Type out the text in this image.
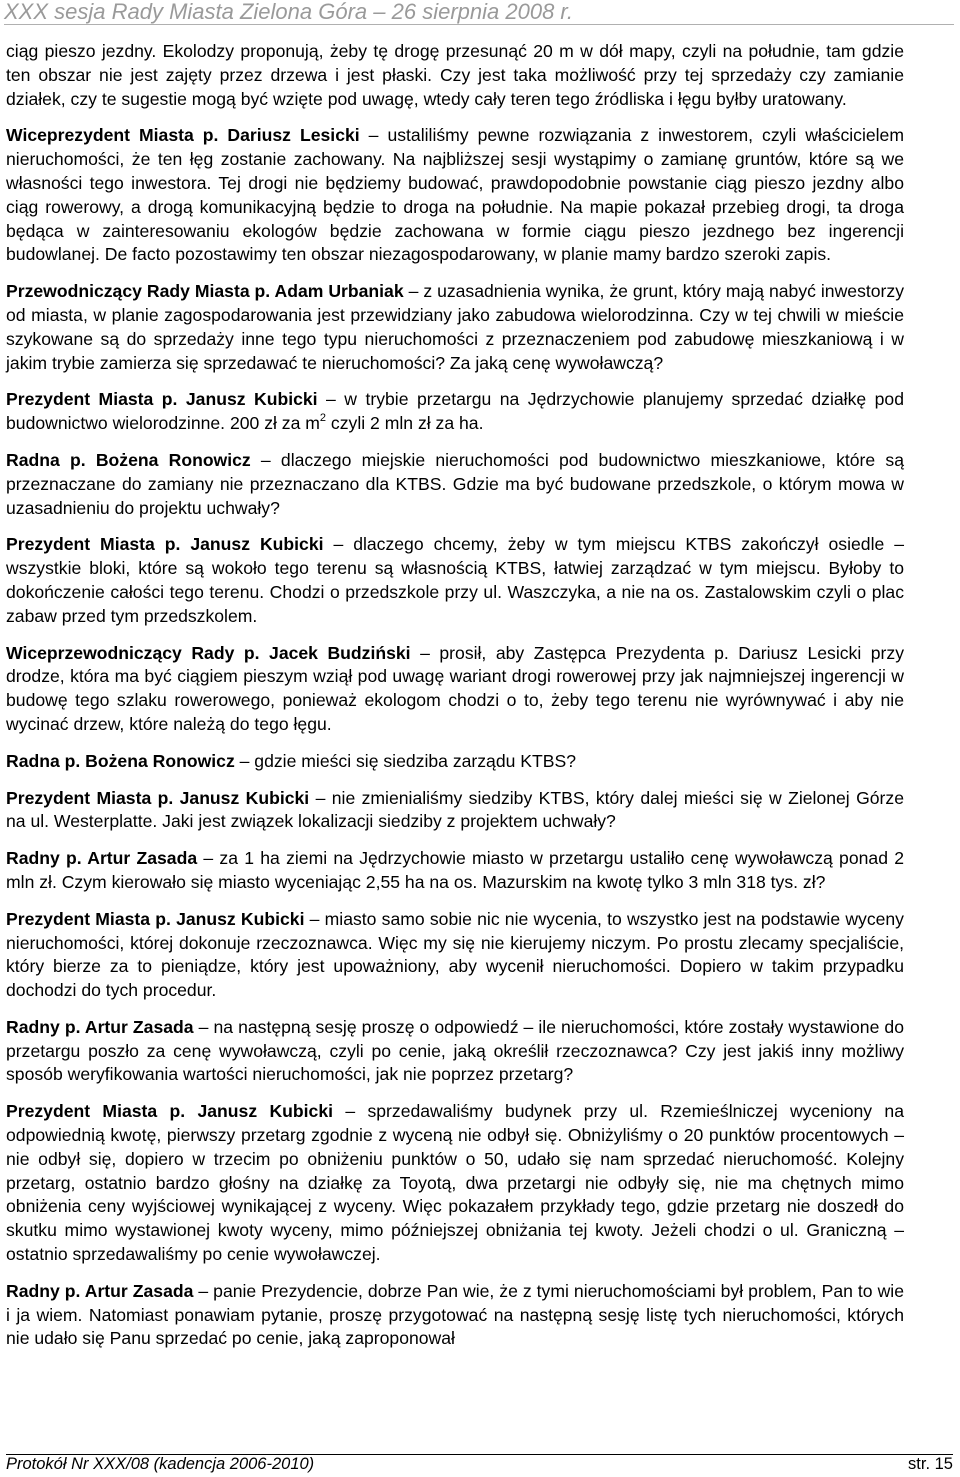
XXX sesja Rady Miasta Zielona Góra – 26 sierpnia 2008 r.

ciąg pieszo jezdny. Ekolodzy proponują, żeby tę drogę przesunąć 20 m w dół mapy, czyli na południe, tam gdzie ten obszar nie jest zajęty przez drzewa i jest płaski. Czy jest taka możliwość przy tej sprzedaży czy zamianie działek, czy te sugestie mogą być wzięte pod uwagę, wtedy cały teren tego źródliska i łęgu byłby uratowany.

Wiceprezydent Miasta p. Dariusz Lesicki – ustaliliśmy pewne rozwiązania z inwestorem, czyli właścicielem nieruchomości, że ten łęg zostanie zachowany. Na najbliższej sesji wystąpimy o zamianę gruntów, które są we własności tego inwestora. Tej drogi nie będziemy budować, prawdopodobnie powstanie ciąg pieszo jezdny albo ciąg rowerowy, a drogą komunikacyjną będzie to droga na południe. Na mapie pokazał przebieg drogi, ta droga będąca w zainteresowaniu ekologów będzie zachowana w formie ciągu pieszo jezdnego bez ingerencji budowlanej. De facto pozostawimy ten obszar niezagospodarowany, w planie mamy bardzo szeroki zapis.

Przewodniczący Rady Miasta p. Adam Urbaniak – z uzasadnienia wynika, że grunt, który mają nabyć inwestorzy od miasta, w planie zagospodarowania jest przewidziany jako zabudowa wielorodzinna. Czy w tej chwili w mieście szykowane są do sprzedaży inne tego typu nieruchomości z przeznaczeniem pod zabudowę mieszkaniową i w jakim trybie zamierza się sprzedawać te nieruchomości? Za jaką cenę wywoławczą?

Prezydent Miasta p. Janusz Kubicki – w trybie przetargu na Jędrzychowie planujemy sprzedać działkę pod budownictwo wielorodzinne. 200 zł za $m^2$ czyli 2 mln zł za ha.

Radna p. Bożena Ronowicz – dlaczego miejskie nieruchomości pod budownictwo mieszkaniowe, które są przeznaczane do zamiany nie przeznaczano dla KTBS. Gdzie ma być budowane przedszkole, o którym mowa w uzasadnieniu do projektu uchwały?

Prezydent Miasta p. Janusz Kubicki – dlaczego chcemy, żeby w tym miejscu KTBS zakończył osiedle – wszystkie bloki, które są wokoło tego terenu są własnością KTBS, łatwiej zarządzać w tym miejscu. Byłoby to dokończenie całości tego terenu. Chodzi o przedszkole przy ul. Waszczyka, a nie na os. Zastalowskim czyli o plac zabaw przed tym przedszkolem.

Wiceprzewodniczący Rady p. Jacek Budziński – prosił, aby Zastępca Prezydenta p. Dariusz Lesicki przy drodze, która ma być ciągiem pieszym wziął pod uwagę wariant drogi rowerowej przy jak najmniejszej ingerencji w budowę tego szlaku rowerowego, ponieważ ekologom chodzi o to, żeby tego terenu nie wyrównywać i aby nie wycinać drzew, które należą do tego łęgu.

Radna p. Bożena Ronowicz – gdzie mieści się siedziba zarządu KTBS?

Prezydent Miasta p. Janusz Kubicki – nie zmienialiśmy siedziby KTBS, który dalej mieści się w Zielonej Górze na ul. Westerplatte. Jaki jest związek lokalizacji siedziby z projektem uchwały?

Radny p. Artur Zasada – za 1 ha ziemi na Jędrzychowie miasto w przetargu ustaliło cenę wywoławczą ponad 2 mln zł. Czym kierowało się miasto wyceniając 2,55 ha na os. Mazurskim na kwotę tylko 3 mln 318 tys. zł?

Prezydent Miasta p. Janusz Kubicki – miasto samo sobie nic nie wycenia, to wszystko jest na podstawie wyceny nieruchomości, której dokonuje rzeczoznawca. Więc my się nie kierujemy niczym. Po prostu zlecamy specjaliście, który bierze za to pieniądze, który jest upoważniony, aby wycenił nieruchomości. Dopiero w takim przypadku dochodzi do tych procedur.

Radny p. Artur Zasada – na następną sesję proszę o odpowiedź – ile nieruchomości, które zostały wystawione do przetargu poszło za cenę wywoławczą, czyli po cenie, jaką określił rzeczoznawca? Czy jest jakiś inny możliwy sposób weryfikowania wartości nieruchomości, jak nie poprzez przetarg?

Prezydent Miasta p. Janusz Kubicki – sprzedawaliśmy budynek przy ul. Rzemieślniczej wyceniony na odpowiednią kwotę, pierwszy przetarg zgodnie z wyceną nie odbył się. Obniżyliśmy o 20 punktów procentowych – nie odbył się, dopiero w trzecim po obniżeniu punktów o 50, udało się nam sprzedać nieruchomość. Kolejny przetarg, ostatnio bardzo głośny na działkę za Toyotą, dwa przetargi nie odbyły się, nie ma chętnych mimo obniżenia ceny wyjściowej wynikającej z wyceny. Więc pokazałem przykłady tego, gdzie przetarg nie doszedł do skutku mimo wystawionej kwoty wyceny, mimo późniejszej obniżania tej kwoty. Jeżeli chodzi o ul. Graniczną – ostatnio sprzedawaliśmy po cenie wywoławczej.

Radny p. Artur Zasada – panie Prezydencie, dobrze Pan wie, że z tymi nieruchomościami był problem, Pan to wie i ja wiem. Natomiast ponawiam pytanie, proszę przygotować na następną sesję listę tych nieruchomości, których nie udało się Panu sprzedać po cenie, jaką zaproponował

Protokół Nr XXX/08 (kadencja 2006-2010)	str. 15
